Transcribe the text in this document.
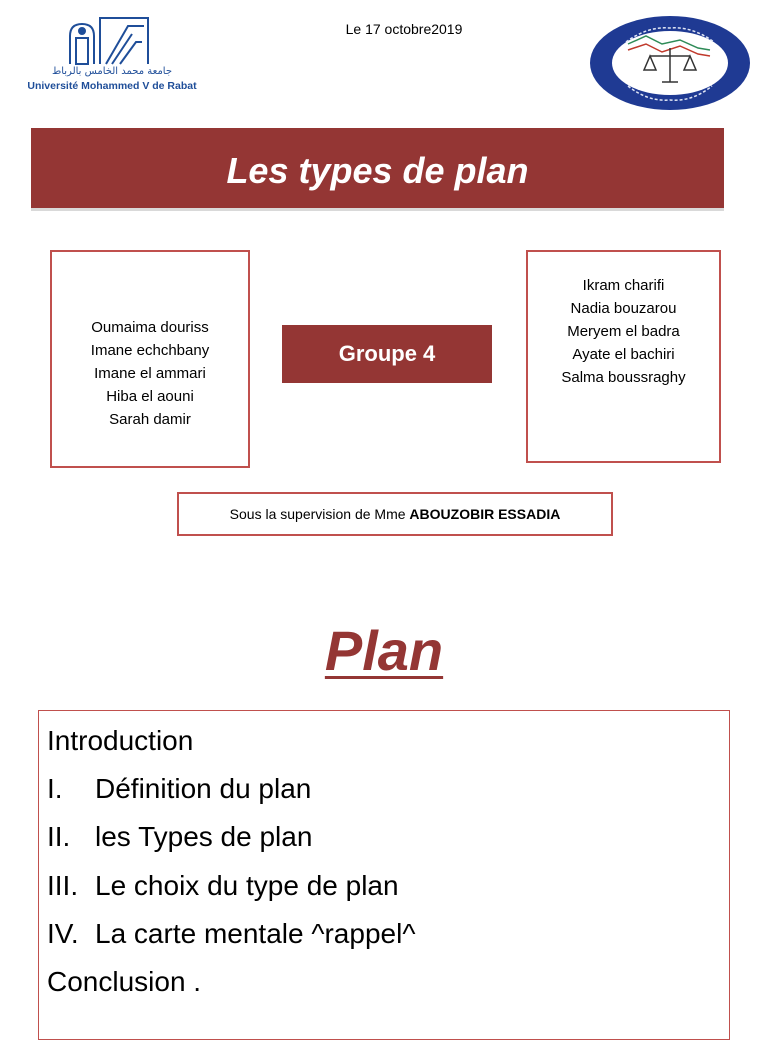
جامعة محمد الخامس بالرباط
Université Mohammed V de Rabat
Le 17 octobre2019
Les types de plan
Oumaima douriss
Imane echchbany
Imane el ammari
Hiba el aouni
Sarah damir
Groupe 4
Ikram charifi
Nadia bouzarou
Meryem el badra
Ayate el bachiri
Salma boussraghy
Sous la supervision de Mme ABOUZOBIR ESSADIA
Plan
Introduction
I. Définition du plan
II. les Types de plan
III. Le choix du type de plan
IV. La carte mentale ^rappel^
Conclusion .
